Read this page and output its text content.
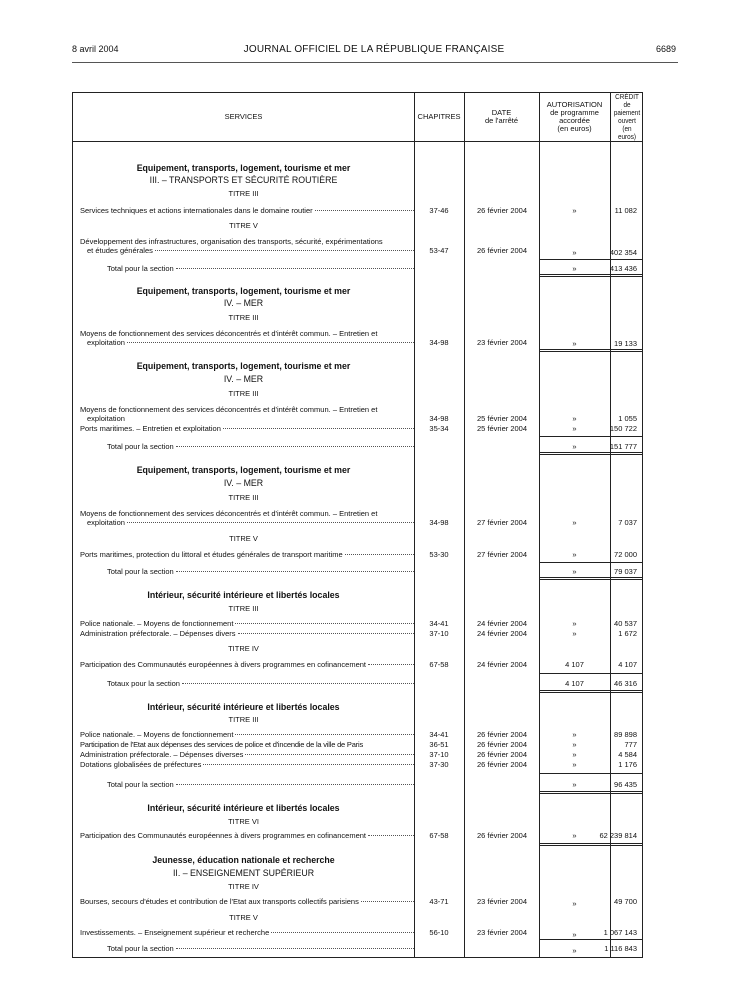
8 avril 2004	JOURNAL OFFICIEL DE LA RÉPUBLIQUE FRANÇAISE	6689
SERVICES	CHAPITRES	DATE
de l'arrêté
AUTORISATION
de programme
accordée
(en euros)
CRÉDIT
de paiement
ouvert
(en euros)
Equipement, transports, logement, tourisme et mer
III. – TRANSPORTS ET SÉCURITÉ ROUTIÈRE
TITRE III
Services techniques et actions internationales dans le domaine routier	37-46	26 février 2004	»	11 082
TITRE V
Développement des infrastructures, organisation des transports, sécurité, expérimentations
et études générales	53-47	26 février 2004	»	402 354
Total pour la section	»	413 436
Equipement, transports, logement, tourisme et mer
IV. – MER
TITRE III
Moyens de fonctionnement des services déconcentrés et d'intérêt commun. – Entretien et
exploitation	34-98	23 février 2004	»	19 133
Equipement, transports, logement, tourisme et mer
IV. – MER
TITRE III
Moyens de fonctionnement des services déconcentrés et d'intérêt commun. – Entretien et
exploitation	34-98	25 février 2004	»	1 055
Ports maritimes. – Entretien et exploitation	35-34	25 février 2004	»	150 722
Total pour la section	»	151 777
Equipement, transports, logement, tourisme et mer
IV. – MER
TITRE III
Moyens de fonctionnement des services déconcentrés et d'intérêt commun. – Entretien et
exploitation	34-98	27 février 2004	»	7 037
TITRE V
Ports maritimes, protection du littoral et études générales de transport maritime	53-30	27 février 2004	»	72 000
Total pour la section	»	79 037
Intérieur, sécurité intérieure et libertés locales
TITRE III
Police nationale. – Moyens de fonctionnement	34-41	24 février 2004	»	40 537
Administration préfectorale. – Dépenses divers	37-10	24 février 2004	»	1 672
TITRE IV
Participation des Communautés européennes à divers programmes en cofinancement	67-58	24 février 2004	4 107	4 107
Totaux pour la section	4 107	46 316
Intérieur, sécurité intérieure et libertés locales
TITRE III
Police nationale. – Moyens de fonctionnement	34-41	26 février 2004	»	89 898
Participation de l'Etat aux dépenses des services de police et d'incendie de la ville de Paris	36-51	26 février 2004	»	777
Administration préfectorale. – Dépenses diverses	37-10	26 février 2004	»	4 584
Dotations globalisées de préfectures	37-30	26 février 2004	»	1 176
Total pour la section	»	96 435
Intérieur, sécurité intérieure et libertés locales
TITRE VI
Participation des Communautés européennes à divers programmes en cofinancement	67-58	26 février 2004	»	62 239 814
Jeunesse, éducation nationale et recherche
II. – ENSEIGNEMENT SUPÉRIEUR
TITRE IV
Bourses, secours d'études et contribution de l'Etat aux transports collectifs parisiens	43-71	23 février 2004	»	49 700
TITRE V
Investissements. – Enseignement supérieur et recherche	56-10	23 février 2004	»	1 067 143
Total pour la section	»	1 116 843
